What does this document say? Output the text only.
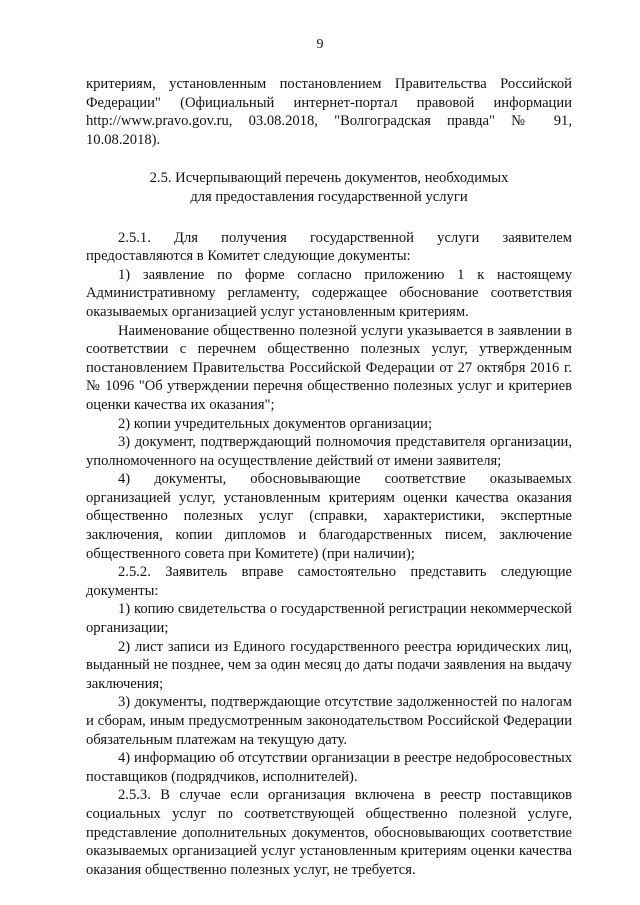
9

критериям, установленным постановлением Правительства Российской Федерации" (Официальный интернет-портал правовой информации http://www.pravo.gov.ru, 03.08.2018, "Волгоградская правда" № 91, 10.08.2018).

2.5. Исчерпывающий перечень документов, необходимых
для предоставления государственной услуги

2.5.1. Для получения государственной услуги заявителем предоставляются в Комитет следующие документы:

1) заявление по форме согласно приложению 1 к настоящему Административному регламенту, содержащее обоснование соответствия оказываемых организацией услуг установленным критериям.

Наименование общественно полезной услуги указывается в заявлении в соответствии с перечнем общественно полезных услуг, утвержденным постановлением Правительства Российской Федерации от 27 октября 2016 г. № 1096 "Об утверждении перечня общественно полезных услуг и критериев оценки качества их оказания";

2) копии учредительных документов организации;

3) документ, подтверждающий полномочия представителя организации, уполномоченного на осуществление действий от имени заявителя;

4) документы, обосновывающие соответствие оказываемых организацией услуг, установленным критериям оценки качества оказания общественно полезных услуг (справки, характеристики, экспертные заключения, копии дипломов и благодарственных писем, заключение общественного совета при Комитете) (при наличии);

2.5.2. Заявитель вправе самостоятельно представить следующие документы:

1) копию свидетельства о государственной регистрации некоммерческой организации;

2) лист записи из Единого государственного реестра юридических лиц, выданный не позднее, чем за один месяц до даты подачи заявления на выдачу заключения;

3) документы, подтверждающие отсутствие задолженностей по налогам и сборам, иным предусмотренным законодательством Российской Федерации обязательным платежам на текущую дату.

4) информацию об отсутствии организации в реестре недобросовестных поставщиков (подрядчиков, исполнителей).

2.5.3. В случае если организация включена в реестр поставщиков социальных услуг по соответствующей общественно полезной услуге, представление дополнительных документов, обосновывающих соответствие оказываемых организацией услуг установленным критериям оценки качества оказания общественно полезных услуг, не требуется.
